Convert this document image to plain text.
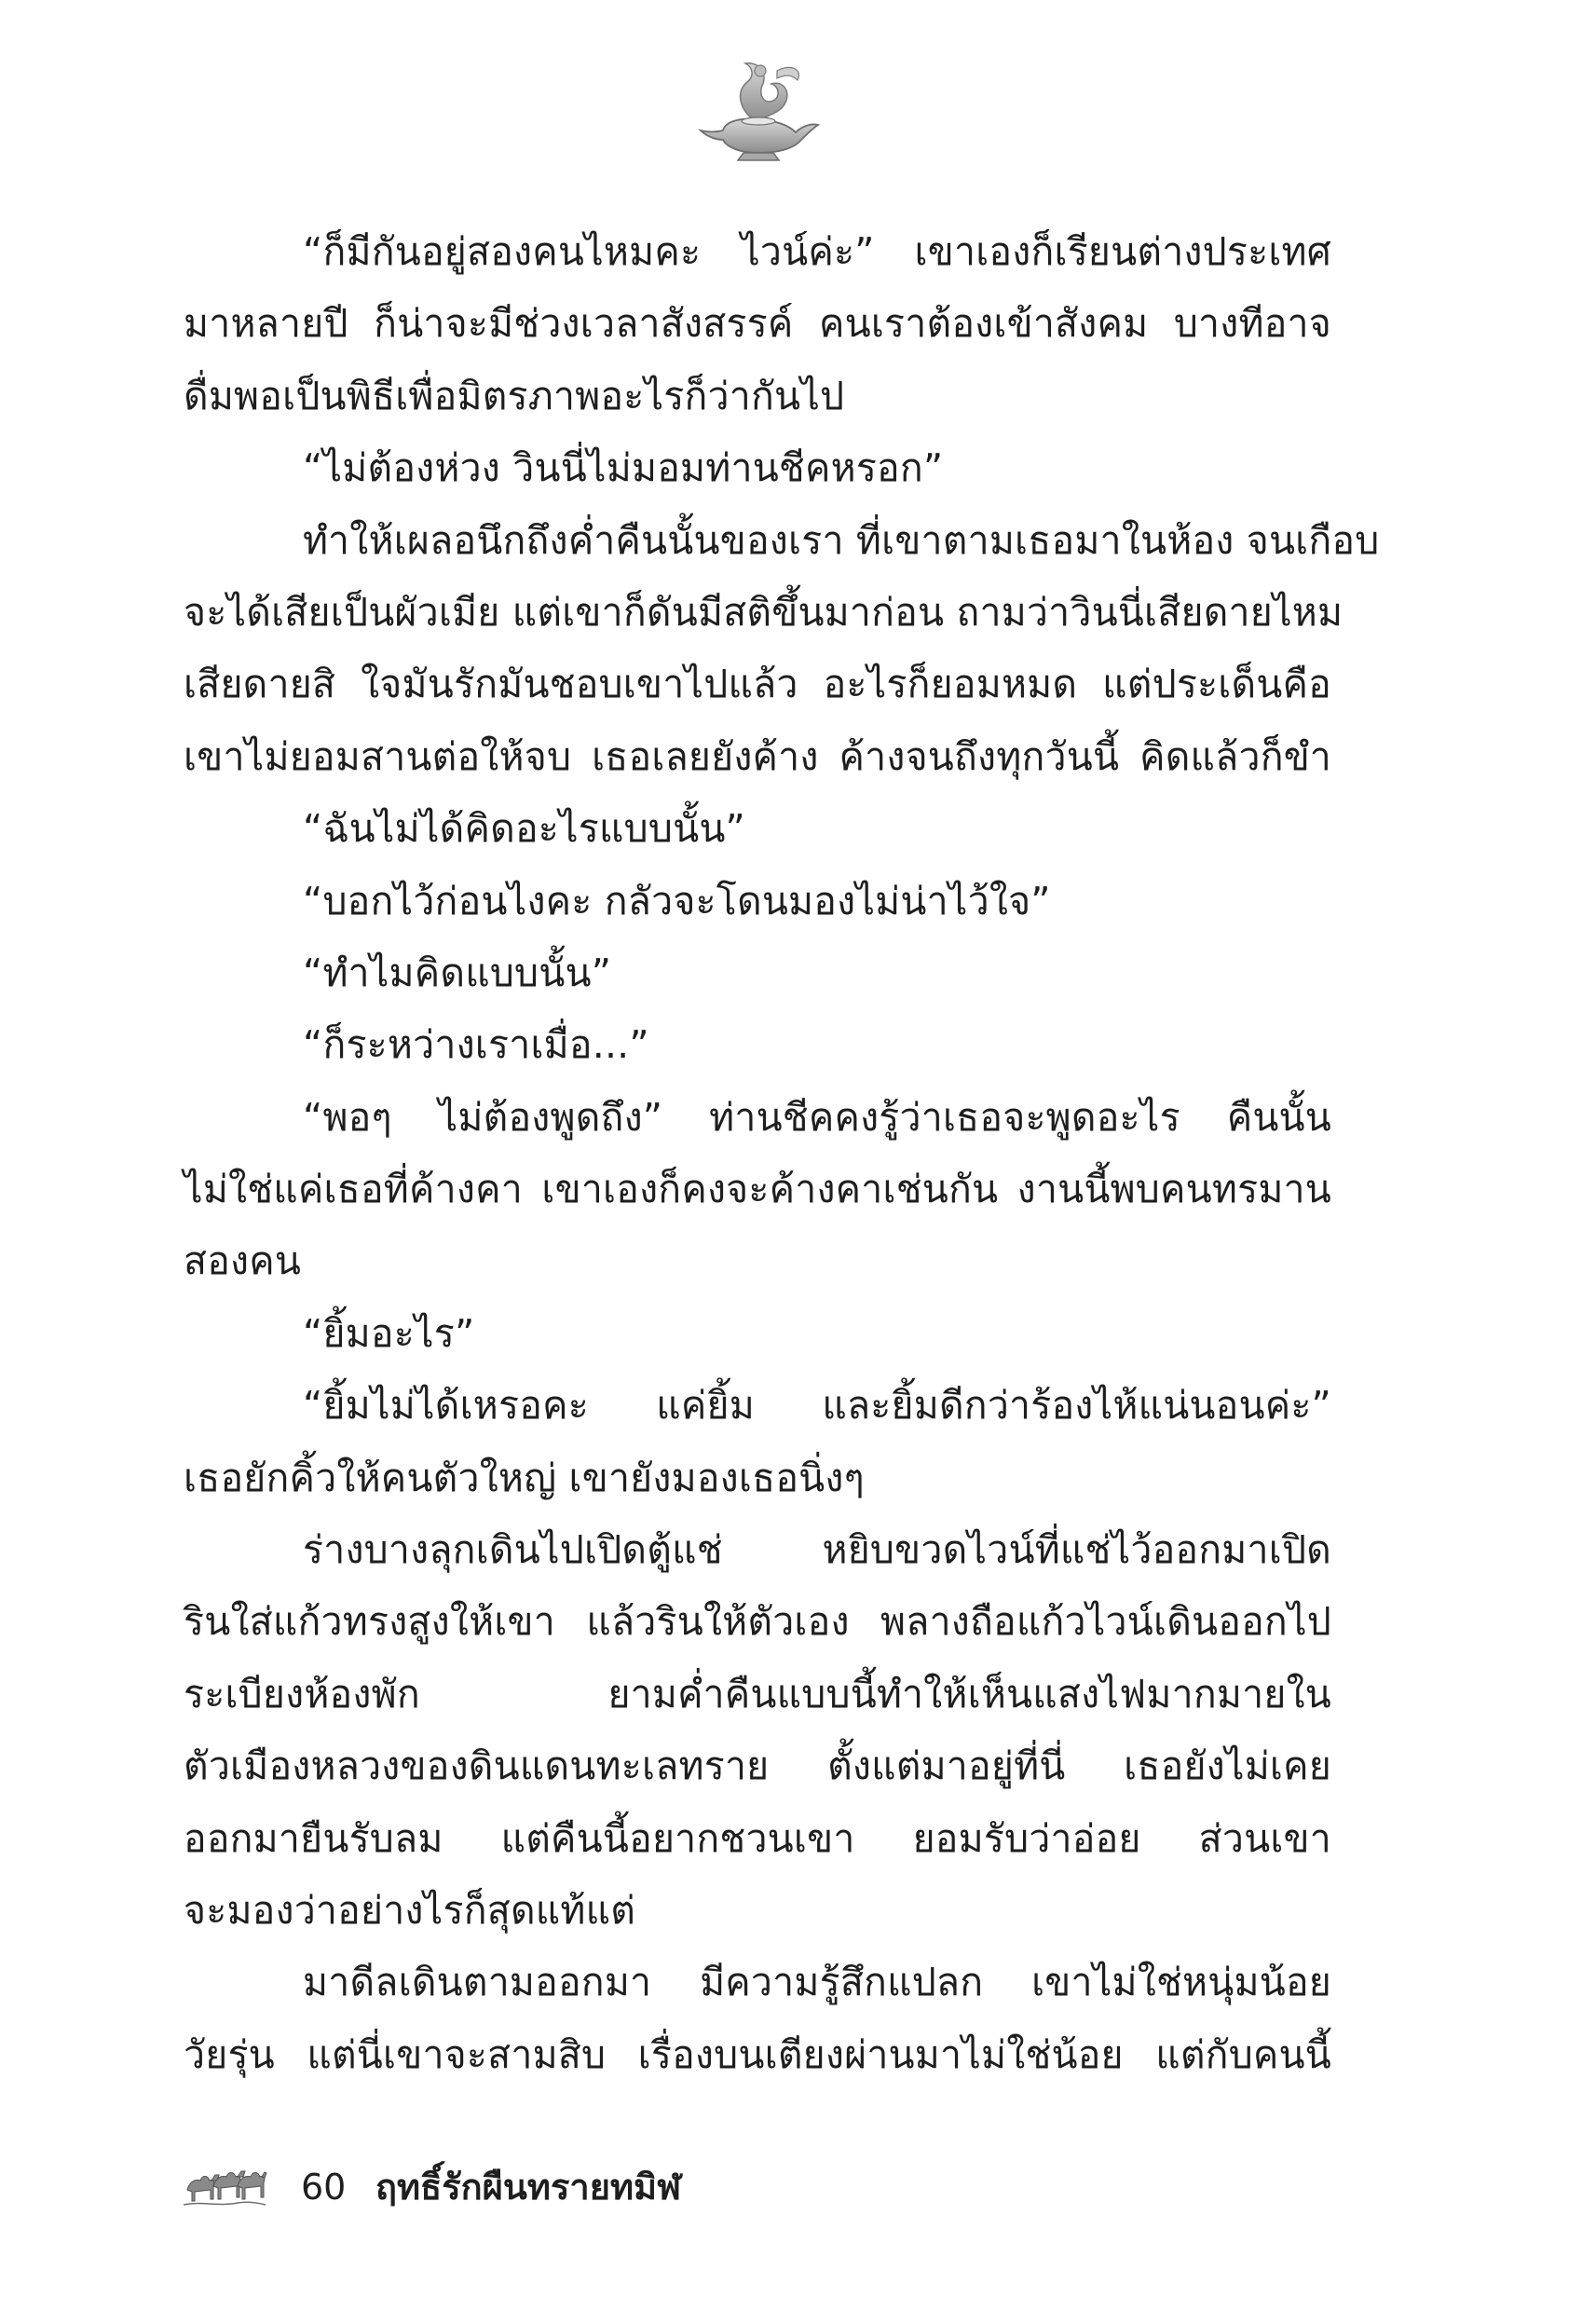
“ก็มีกันอยู่สองคนไหมคะ ไวน์ค่ะ” เขาเองก็เรียนต่างประเทศ
มาหลายปี ก็น่าจะมีช่วงเวลาสังสรรค์ คนเราต้องเข้าสังคม บางทีอาจ
ดื่มพอเป็นพิธีเพื่อมิตรภาพอะไรก็ว่ากันไป
“ไม่ต้องห่วง วินนี่ไม่มอมท่านชีคหรอก”
ทำให้เผลอนึกถึงค่ำคืนนั้นของเรา ที่เขาตามเธอมาในห้อง จนเกือบ
จะได้เสียเป็นผัวเมีย แต่เขาก็ดันมีสติขึ้นมาก่อน ถามว่าวินนี่เสียดายไหม
เสียดายสิ ใจมันรักมันชอบเขาไปแล้ว อะไรก็ยอมหมด แต่ประเด็นคือ
เขาไม่ยอมสานต่อให้จบ เธอเลยยังค้าง ค้างจนถึงทุกวันนี้ คิดแล้วก็ขำ
“ฉันไม่ได้คิดอะไรแบบนั้น”
“บอกไว้ก่อนไงคะ กลัวจะโดนมองไม่น่าไว้ใจ”
“ทำไมคิดแบบนั้น”
“ก็ระหว่างเราเมื่อ...”
“พอๆ ไม่ต้องพูดถึง” ท่านชีคคงรู้ว่าเธอจะพูดอะไร คืนนั้น
ไม่ใช่แค่เธอที่ค้างคา เขาเองก็คงจะค้างคาเช่นกัน งานนี้พบคนทรมาน
สองคน
“ยิ้มอะไร”
“ยิ้มไม่ได้เหรอคะ แค่ยิ้ม และยิ้มดีกว่าร้องไห้แน่นอนค่ะ”
เธอยักคิ้วให้คนตัวใหญ่ เขายังมองเธอนิ่งๆ
ร่างบางลุกเดินไปเปิดตู้แช่ หยิบขวดไวน์ที่แช่ไว้ออกมาเปิด
รินใส่แก้วทรงสูงให้เขา แล้วรินให้ตัวเอง พลางถือแก้วไวน์เดินออกไป
ระเบียงห้องพัก ยามค่ำคืนแบบนี้ทำให้เห็นแสงไฟมากมายใน
ตัวเมืองหลวงของดินแดนทะเลทราย ตั้งแต่มาอยู่ที่นี่ เธอยังไม่เคย
ออกมายืนรับลม แต่คืนนี้อยากชวนเขา ยอมรับว่าอ่อย ส่วนเขา
จะมองว่าอย่างไรก็สุดแท้แต่
มาดีลเดินตามออกมา มีความรู้สึกแปลก เขาไม่ใช่หนุ่มน้อย
วัยรุ่น แต่นี่เขาจะสามสิบ เรื่องบนเตียงผ่านมาไม่ใช่น้อย แต่กับคนนี้
60 ฤทธิ์รักผืนทรายทมิฬ
